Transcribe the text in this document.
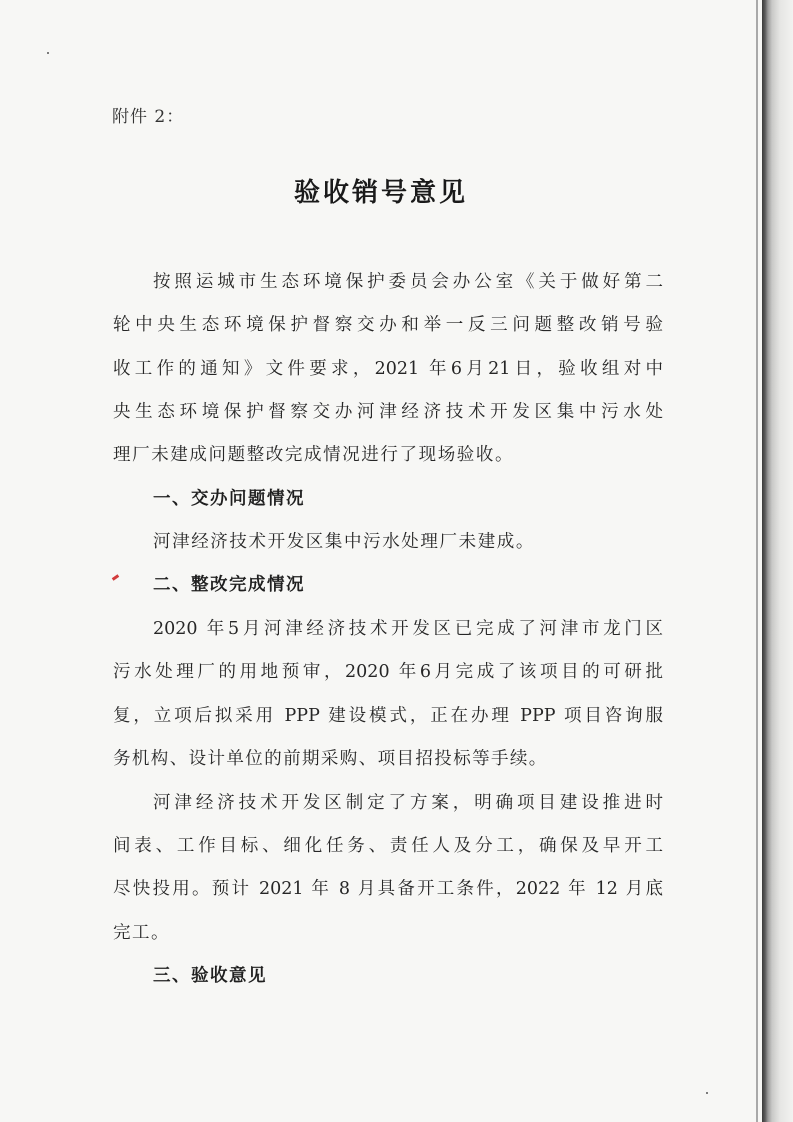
附件 2：
验收销号意见
按照运城市生态环境保护委员会办公室《关于做好第二
轮中央生态环境保护督察交办和举一反三问题整改销号验
收工作的通知》文件要求，2021 年6月21日，验收组对中
央生态环境保护督察交办河津经济技术开发区集中污水处
理厂未建成问题整改完成情况进行了现场验收。
一、交办问题情况
河津经济技术开发区集中污水处理厂未建成。
二、整改完成情况
2020 年5月河津经济技术开发区已完成了河津市龙门区
污水处理厂的用地预审，2020 年6月完成了该项目的可研批
复，立项后拟采用 PPP 建设模式，正在办理 PPP 项目咨询服
务机构、设计单位的前期采购、项目招投标等手续。
河津经济技术开发区制定了方案，明确项目建设推进时
间表、工作目标、细化任务、责任人及分工，确保及早开工
尽快投用。预计 2021 年 8 月具备开工条件，2022 年 12 月底
完工。
三、验收意见
